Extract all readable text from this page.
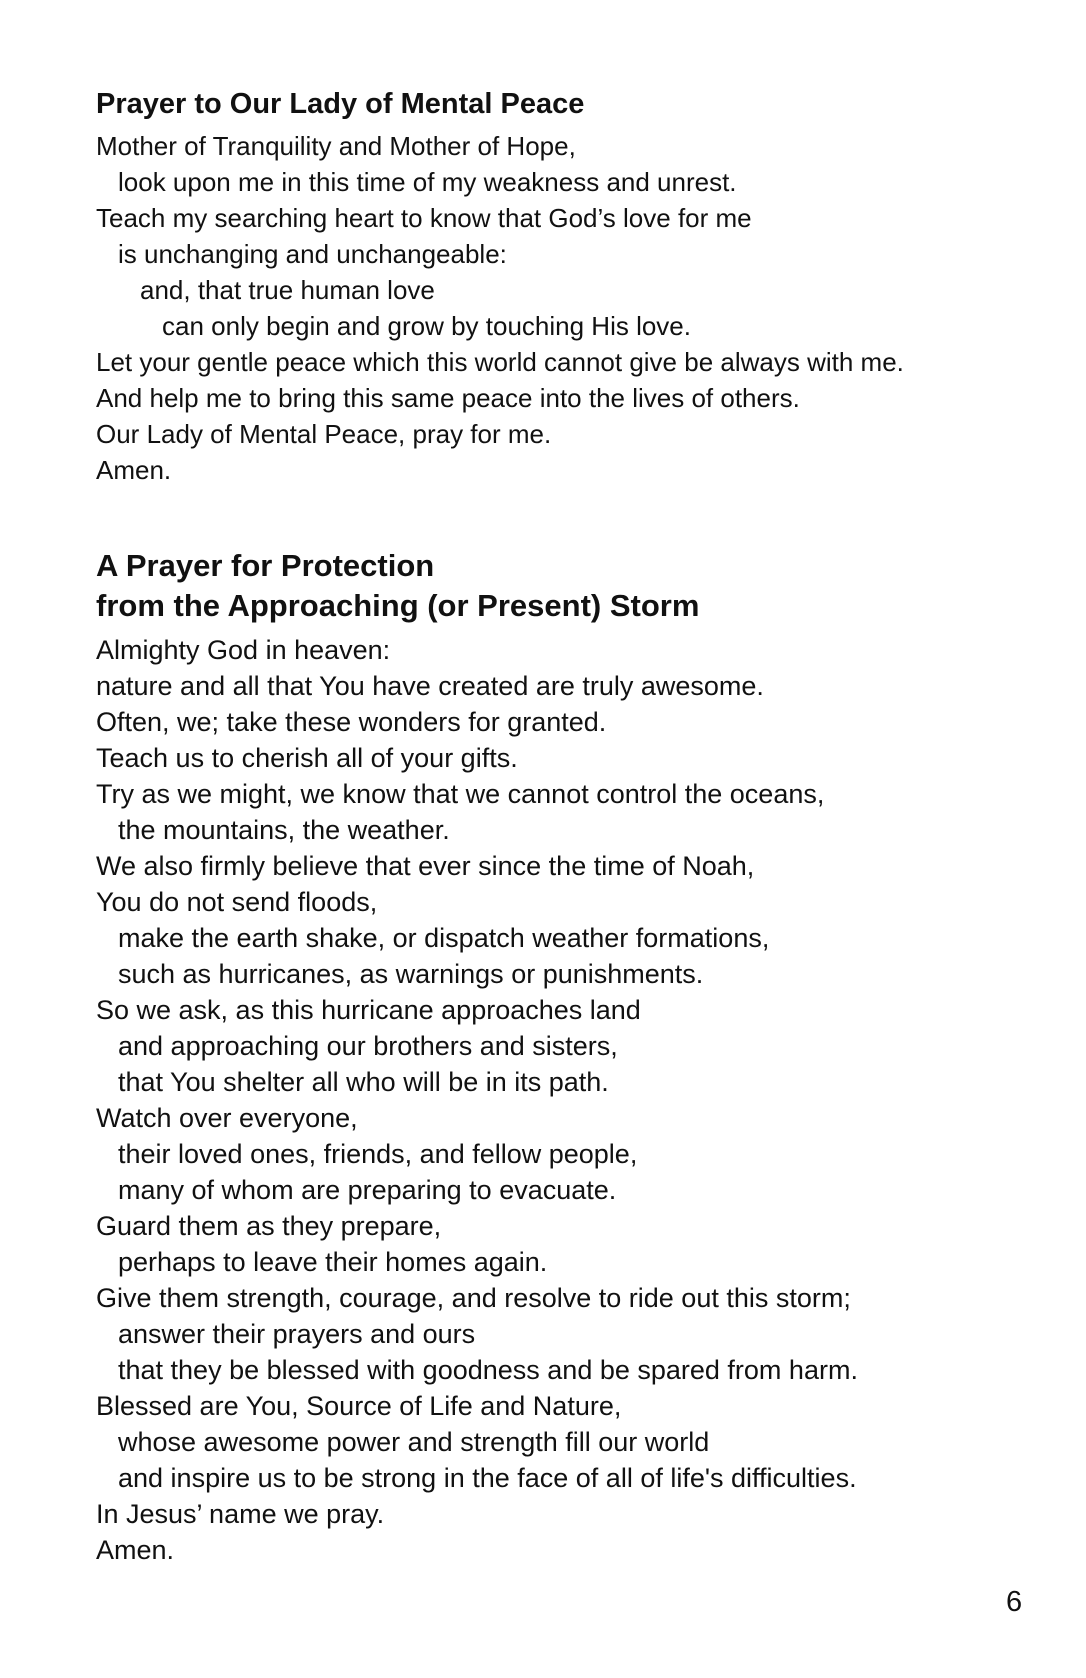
Prayer to Our Lady of Mental Peace
Mother of Tranquility and Mother of Hope,
look upon me in this time of my weakness and unrest.
Teach my searching heart to know that God’s love for me
is unchanging and unchangeable:
and, that true human love
can only begin and grow by touching His love.
Let your gentle peace which this world cannot give be always with me.
And help me to bring this same peace into the lives of others.
Our Lady of Mental Peace, pray for me.
Amen.
A Prayer for Protection
from the Approaching (or Present) Storm
Almighty God in heaven:
nature and all that You have created are truly awesome.
Often, we; take these wonders for granted.
Teach us to cherish all of your gifts.
Try as we might, we know that we cannot control the oceans,
the mountains, the weather.
We also firmly believe that ever since the time of Noah,
You do not send floods,
make the earth shake, or dispatch weather formations,
such as hurricanes, as warnings or punishments.
So we ask, as this hurricane approaches land
and approaching our brothers and sisters,
that You shelter all who will be in its path.
Watch over everyone,
their loved ones, friends, and fellow people,
many of whom are preparing to evacuate.
Guard them as they prepare,
perhaps to leave their homes again.
Give them strength, courage, and resolve to ride out this storm;
answer their prayers and ours
that they be blessed with goodness and be spared from harm.
Blessed are You, Source of Life and Nature,
whose awesome power and strength fill our world
and inspire us to be strong in the face of all of life's difficulties.
In Jesus’ name we pray.
Amen.
6
